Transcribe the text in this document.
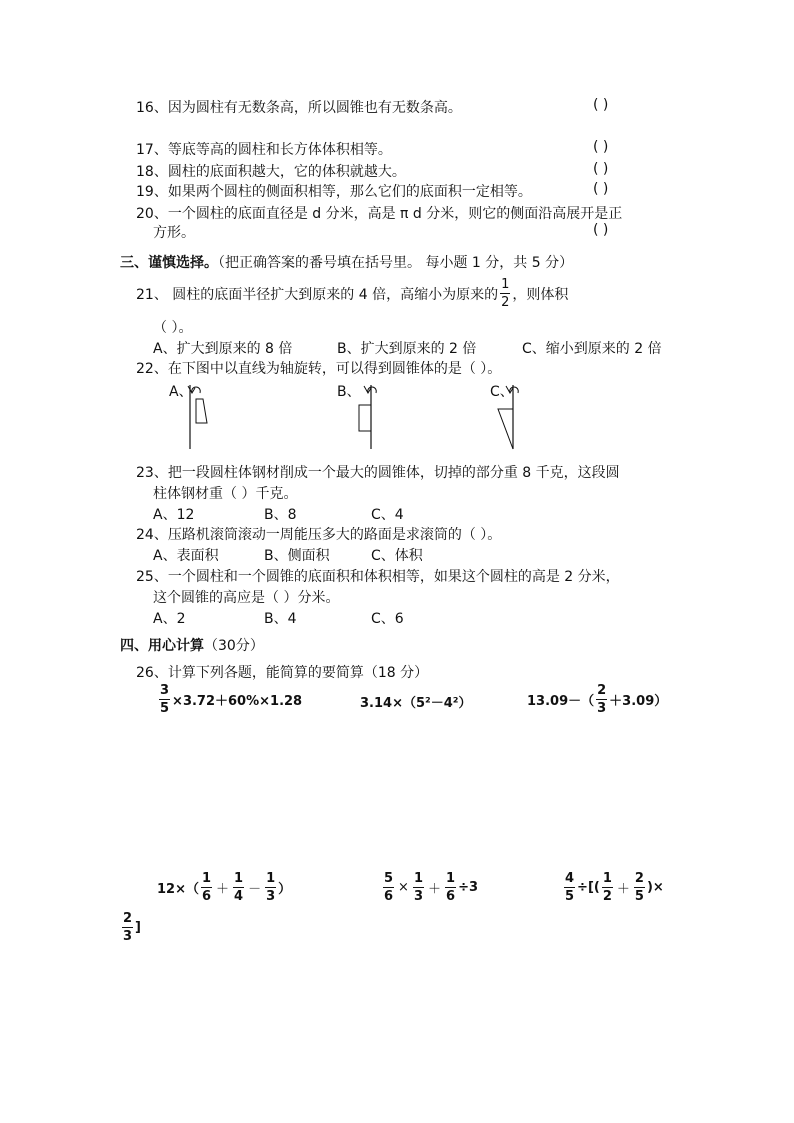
16、因为圆柱有无数条高，所以圆锥也有无数条高。	( )
17、等底等高的圆柱和长方体体积相等。	( )
18、圆柱的底面积越大，它的体积就越大。	( )
19、如果两个圆柱的侧面积相等，那么它们的底面积一定相等。	( )
20、一个圆柱的底面直径是 d 分米，高是 π d 分米，则它的侧面沿高展开是正
方形。	( )
三、谨慎选择。（把正确答案的番号填在括号里。 每小题 1 分，共 5 分）
21、 圆柱的底面半径扩大到原来的 4 倍，高缩小为原来的 $\frac{1}{2}$ ，则体积
（ ）。
A、扩大到原来的 8 倍	B、扩大到原来的 2 倍	C、缩小到原来的 2 倍
22、在下图中以直线为轴旋转，可以得到圆锥体的是（ ）。
A、	B、	C、
23、把一段圆柱体钢材削成一个最大的圆锥体，切掉的部分重 8 千克，这段圆
柱体钢材重（ ）千克。
A、12	B、8	C、4
24、压路机滚筒滚动一周能压多大的路面是求滚筒的（ ）。
A、表面积	B、侧面积	C、体积
25、一个圆柱和一个圆锥的底面积和体积相等，如果这个圆柱的高是 2 分米，
这个圆锥的高应是（ ）分米。
A、2	B、4	C、6
四、用心计算（30分）
26、计算下列各题，能简算的要简算（18 分）
$\frac{3}{5} \times 3.72+60\%\times 1.28$	3.14×（5²－4²）	$13.09-( \frac{2}{3} +3.09)$
$12\times( \frac{1}{6} + \frac{1}{4} - \frac{1}{3}$ ）	$\frac{5}{6} \times \frac{1}{3} + \frac{1}{6} \div 3$	$\frac{4}{5}$ ÷[( $\frac{1}{2} + \frac{2}{5}$ )×
$\frac{2}{3}$ ]
